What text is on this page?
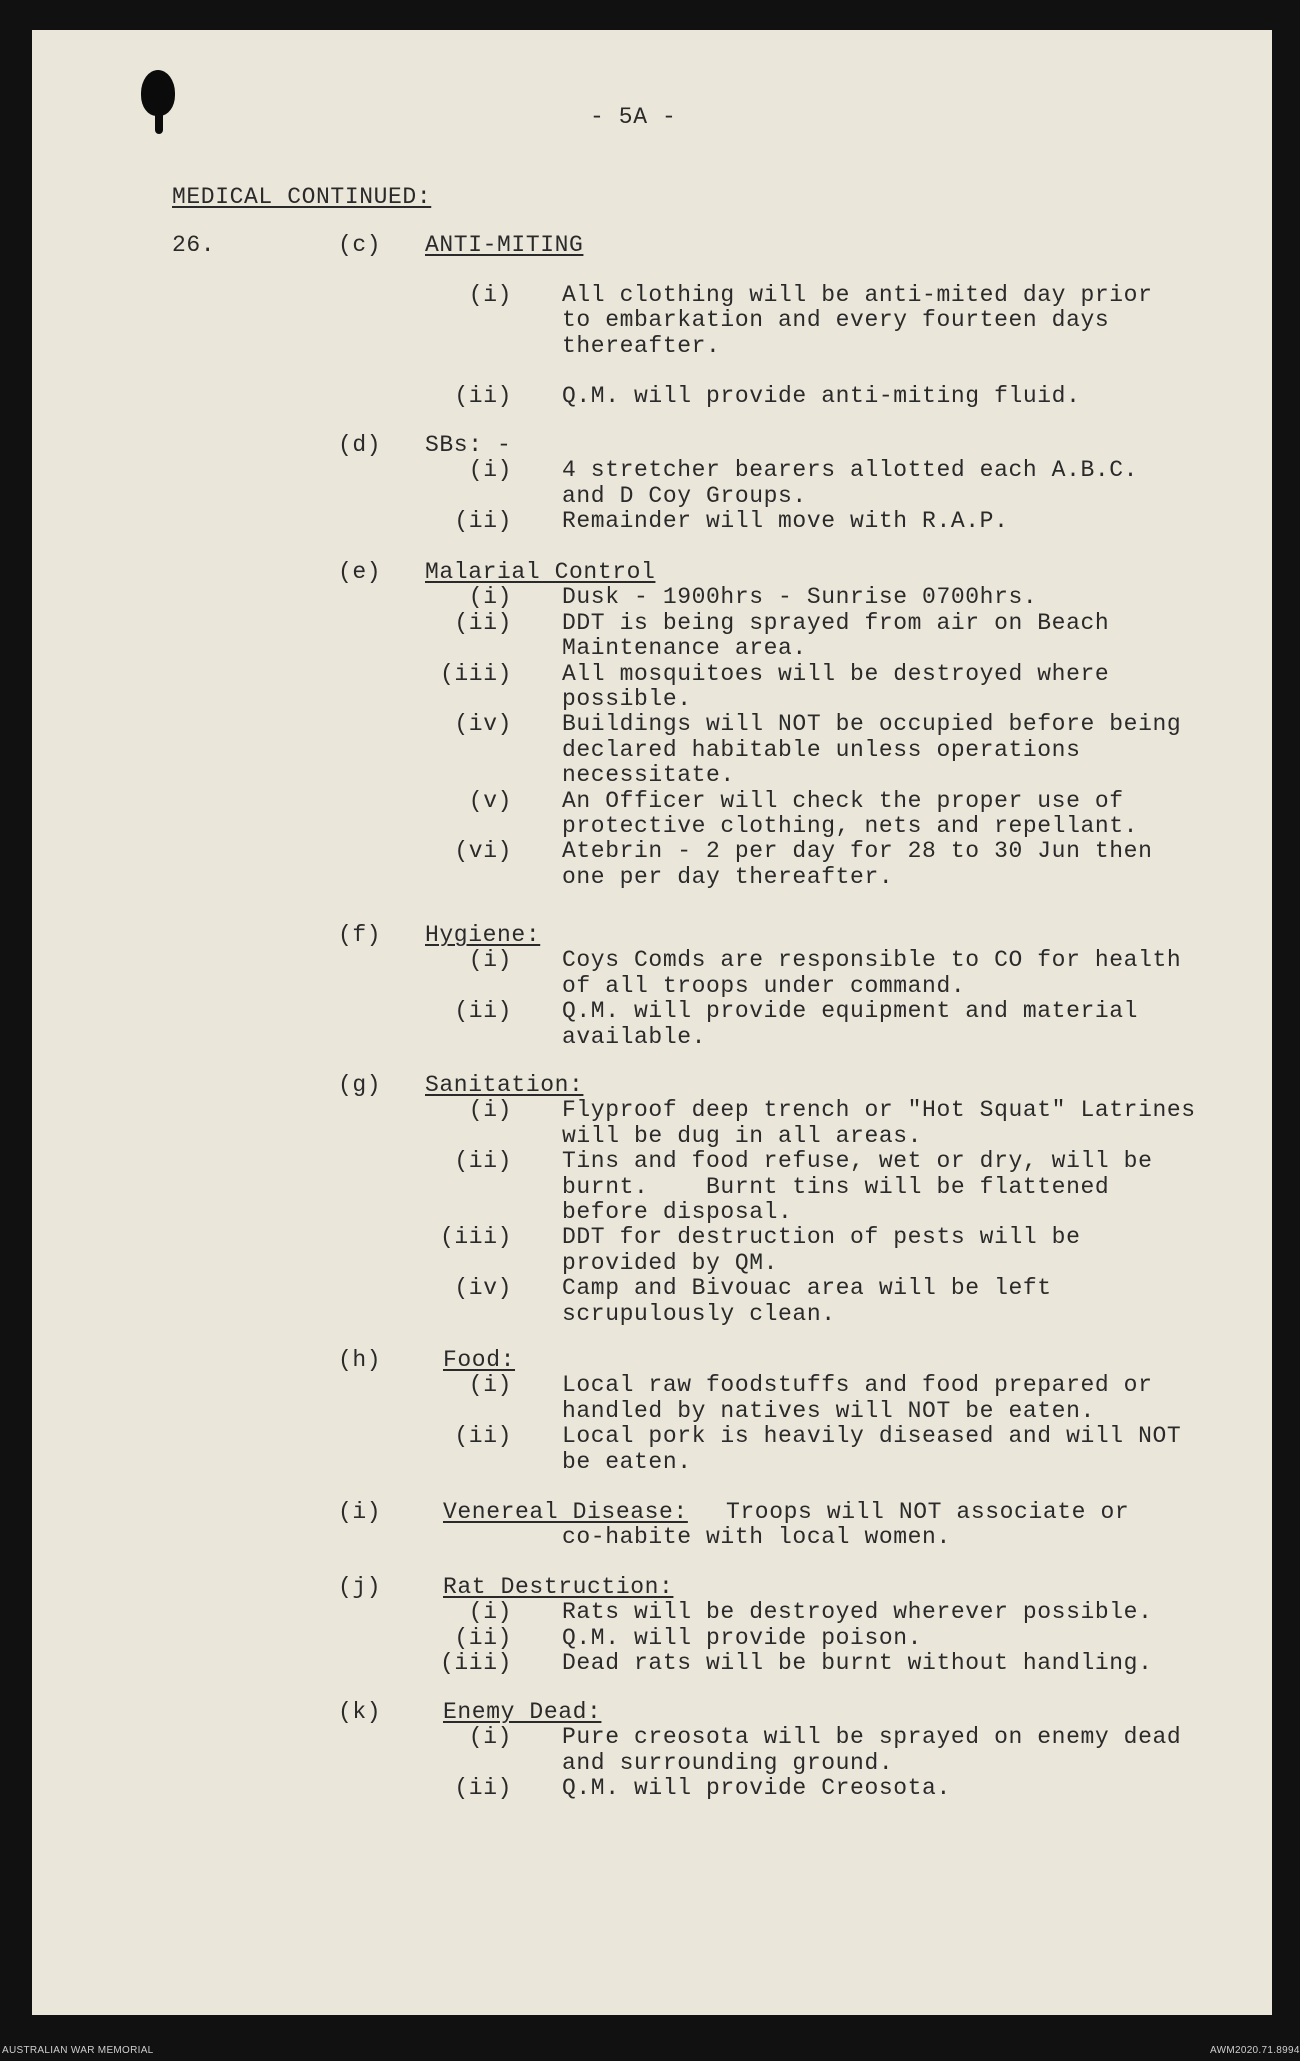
- 5A -
MEDICAL CONTINUED:
26.	(c) ANTI-MITING
(i) All clothing will be anti-mited day prior
to embarkation and every fourteen days
thereafter.
(ii) Q.M. will provide anti-miting fluid.
(d) SBs: -
(i) 4 stretcher bearers allotted each A.B.C.
and D Coy Groups.
(ii) Remainder will move with R.A.P.
(e) Malarial Control
(i) Dusk - 1900hrs - Sunrise 0700hrs.
(ii) DDT is being sprayed from air on Beach
Maintenance area.
(iii) All mosquitoes will be destroyed where
possible.
(iv) Buildings will NOT be occupied before being
declared habitable unless operations
necessitate.
(v) An Officer will check the proper use of
protective clothing, nets and repellant.
(vi) Atebrin - 2 per day for 28 to 30 Jun then
one per day thereafter.
(f) Hygiene:
(i) Coys Comds are responsible to CO for health
of all troops under command.
(ii) Q.M. will provide equipment and material
available.
(g) Sanitation:
(i) Flyproof deep trench or "Hot Squat" Latrines
will be dug in all areas.
(ii) Tins and food refuse, wet or dry, will be
burnt.    Burnt tins will be flattened
before disposal.
(iii) DDT for destruction of pests will be
provided by QM.
(iv) Camp and Bivouac area will be left
scrupulously clean.
(h)	Food:
(i) Local raw foodstuffs and food prepared or
handled by natives will NOT be eaten.
(ii) Local pork is heavily diseased and will NOT
be eaten.
(i)	Venereal Disease: Troops will NOT associate or
co-habite with local women.
(j)	Rat Destruction:
(i) Rats will be destroyed wherever possible.
(ii) Q.M. will provide poison.
(iii) Dead rats will be burnt without handling.
(k)	Enemy Dead:
(i) Pure creosota will be sprayed on enemy dead
and surrounding ground.
(ii) Q.M. will provide Creosota.
AUSTRALIAN WAR MEMORIAL	AWM2020.71.8994
